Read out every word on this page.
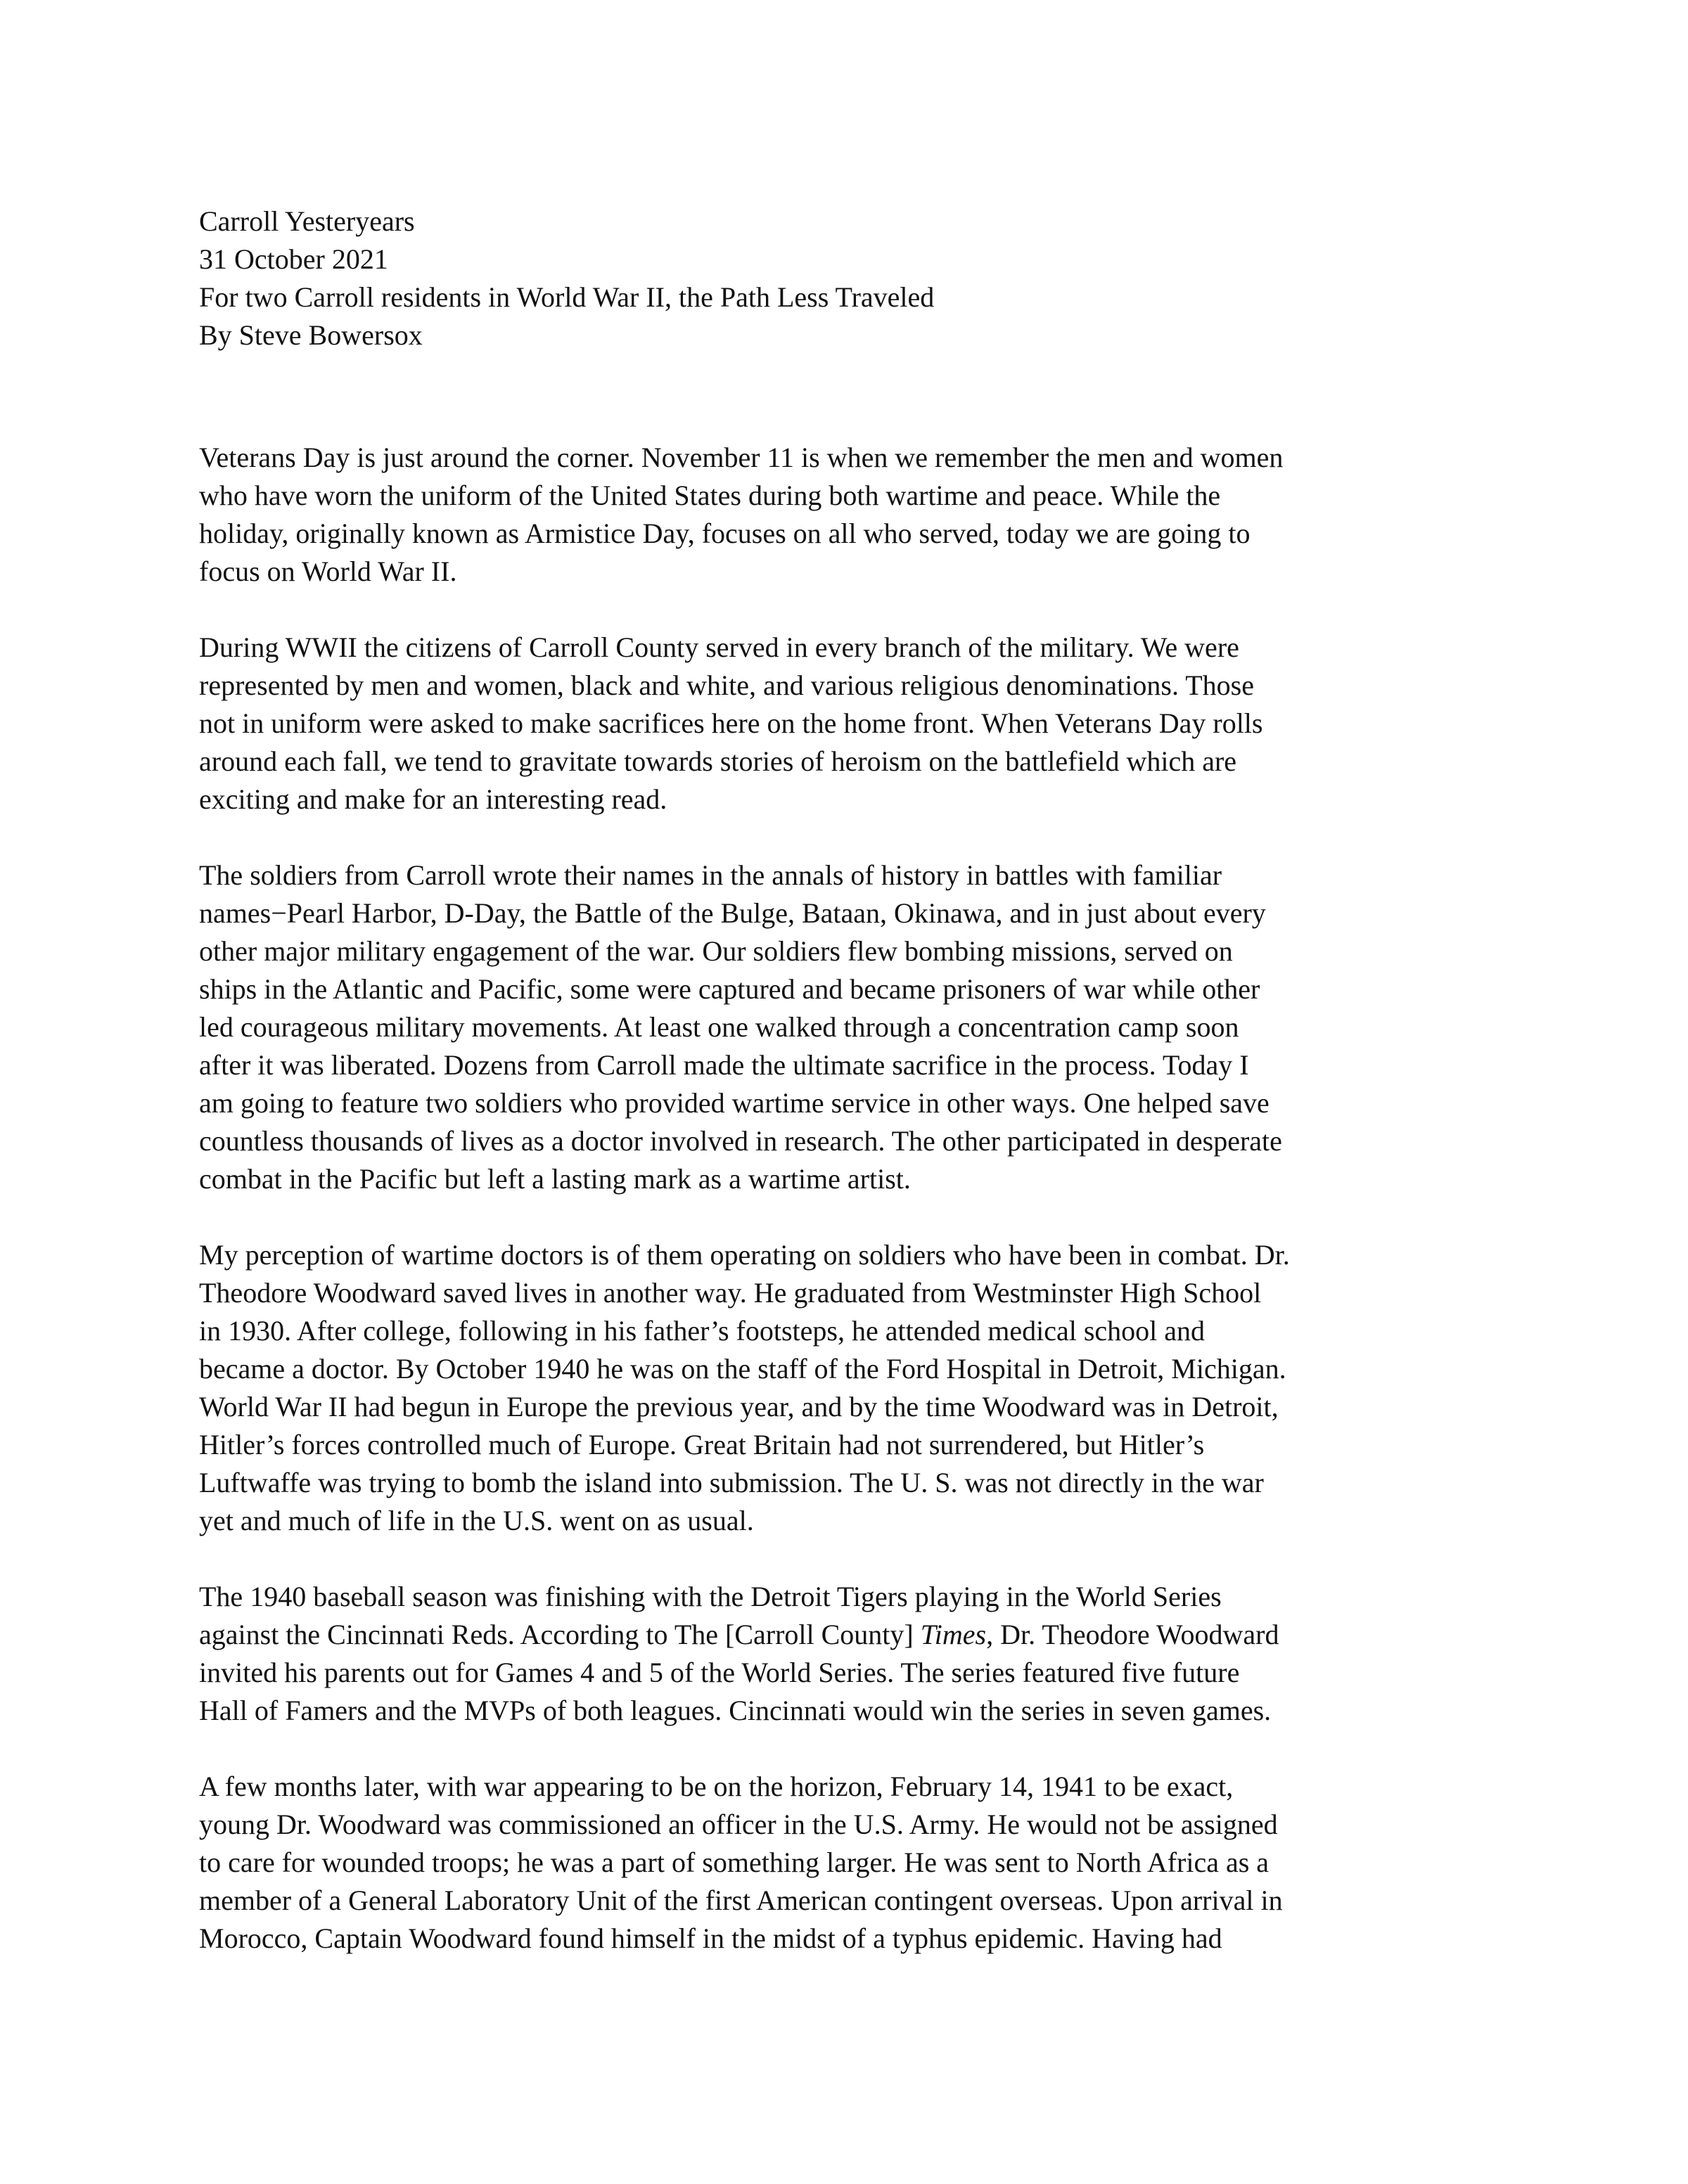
Carroll Yesteryears
31 October 2021
For two Carroll residents in World War II, the Path Less Traveled
By Steve Bowersox
Veterans Day is just around the corner. November 11 is when we remember the men and women
who have worn the uniform of the United States during both wartime and peace. While the
holiday, originally known as Armistice Day, focuses on all who served, today we are going to
focus on World War II.
During WWII the citizens of Carroll County served in every branch of the military. We were
represented by men and women, black and white, and various religious denominations. Those
not in uniform were asked to make sacrifices here on the home front. When Veterans Day rolls
around each fall, we tend to gravitate towards stories of heroism on the battlefield which are
exciting and make for an interesting read.
The soldiers from Carroll wrote their names in the annals of history in battles with familiar
names−Pearl Harbor, D-Day, the Battle of the Bulge, Bataan, Okinawa, and in just about every
other major military engagement of the war. Our soldiers flew bombing missions, served on
ships in the Atlantic and Pacific, some were captured and became prisoners of war while other
led courageous military movements. At least one walked through a concentration camp soon
after it was liberated. Dozens from Carroll made the ultimate sacrifice in the process. Today I
am going to feature two soldiers who provided wartime service in other ways. One helped save
countless thousands of lives as a doctor involved in research. The other participated in desperate
combat in the Pacific but left a lasting mark as a wartime artist.
My perception of wartime doctors is of them operating on soldiers who have been in combat. Dr.
Theodore Woodward saved lives in another way. He graduated from Westminster High School
in 1930. After college, following in his father’s footsteps, he attended medical school and
became a doctor. By October 1940 he was on the staff of the Ford Hospital in Detroit, Michigan.
World War II had begun in Europe the previous year, and by the time Woodward was in Detroit,
Hitler’s forces controlled much of Europe. Great Britain had not surrendered, but Hitler’s
Luftwaffe was trying to bomb the island into submission. The U. S. was not directly in the war
yet and much of life in the U.S. went on as usual.
The 1940 baseball season was finishing with the Detroit Tigers playing in the World Series
against the Cincinnati Reds. According to The [Carroll County] Times, Dr. Theodore Woodward
invited his parents out for Games 4 and 5 of the World Series. The series featured five future
Hall of Famers and the MVPs of both leagues. Cincinnati would win the series in seven games.
A few months later, with war appearing to be on the horizon, February 14, 1941 to be exact,
young Dr. Woodward was commissioned an officer in the U.S. Army. He would not be assigned
to care for wounded troops; he was a part of something larger. He was sent to North Africa as a
member of a General Laboratory Unit of the first American contingent overseas. Upon arrival in
Morocco, Captain Woodward found himself in the midst of a typhus epidemic. Having had
